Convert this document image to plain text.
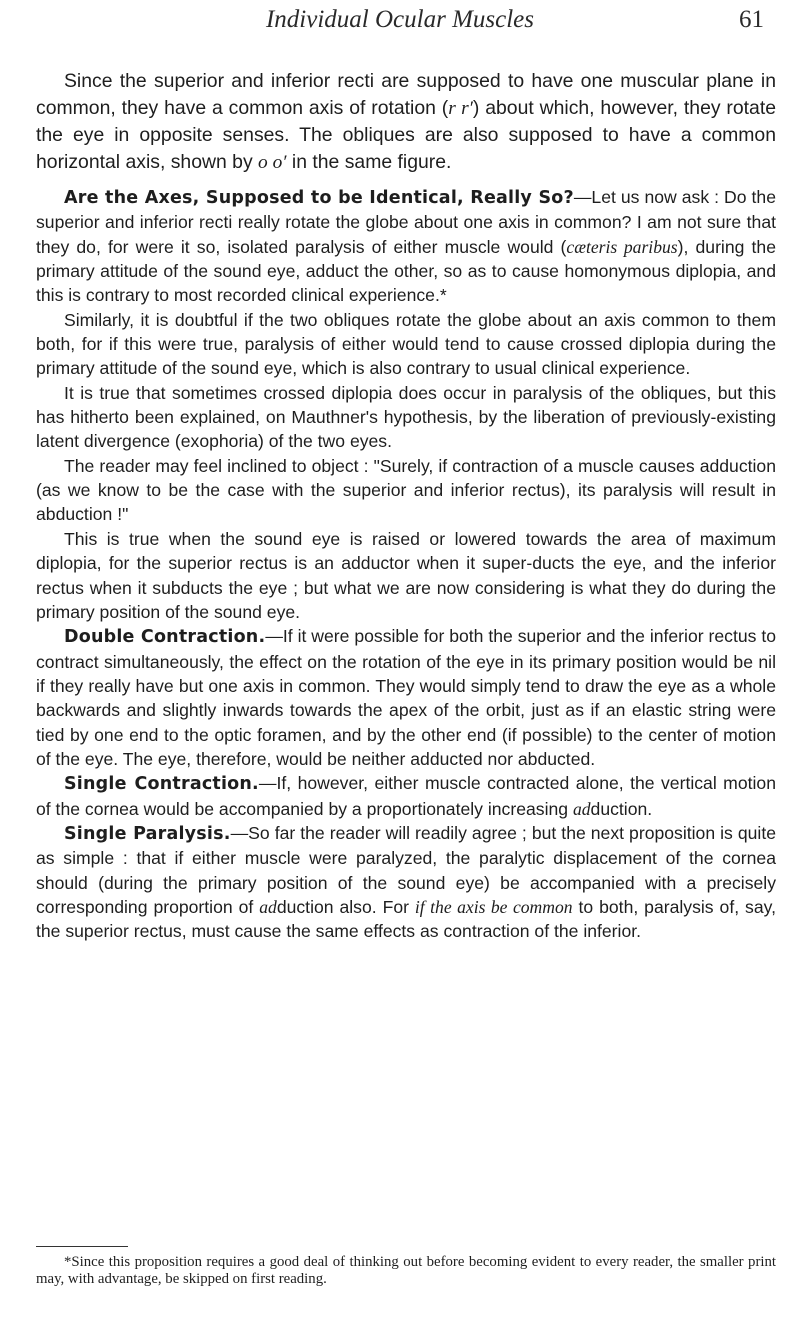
Individual Ocular Muscles	61

Since the superior and inferior recti are supposed to have one muscular plane in common, they have a common axis of rotation (r r′) about which, however, they rotate the eye in opposite senses. The obliques are also supposed to have a common horizontal axis, shown by o o′ in the same figure.

Are the Axes, Supposed to be Identical, Really So?—Let us now ask : Do the superior and inferior recti really rotate the globe about one axis in common? I am not sure that they do, for were it so, isolated paralysis of either muscle would (cæteris paribus), during the primary attitude of the sound eye, adduct the other, so as to cause homonymous diplopia, and this is contrary to most recorded clinical experience.*

Similarly, it is doubtful if the two obliques rotate the globe about an axis common to them both, for if this were true, paralysis of either would tend to cause crossed diplopia during the primary attitude of the sound eye, which is also contrary to usual clinical experience.

It is true that sometimes crossed diplopia does occur in paralysis of the obliques, but this has hitherto been explained, on Mauthner's hypothesis, by the liberation of previously-existing latent divergence (exophoria) of the two eyes.

The reader may feel inclined to object : "Surely, if contraction of a muscle causes adduction (as we know to be the case with the superior and inferior rectus), its paralysis will result in abduction !"

This is true when the sound eye is raised or lowered towards the area of maximum diplopia, for the superior rectus is an adductor when it super-ducts the eye, and the inferior rectus when it subducts the eye ; but what we are now considering is what they do during the primary position of the sound eye.

Double Contraction.—If it were possible for both the superior and the inferior rectus to contract simultaneously, the effect on the rotation of the eye in its primary position would be nil if they really have but one axis in common. They would simply tend to draw the eye as a whole backwards and slightly inwards towards the apex of the orbit, just as if an elastic string were tied by one end to the optic foramen, and by the other end (if possible) to the center of motion of the eye. The eye, therefore, would be neither adducted nor abducted.

Single Contraction.—If, however, either muscle contracted alone, the vertical motion of the cornea would be accompanied by a proportionately increasing adduction.

Single Paralysis.—So far the reader will readily agree ; but the next proposition is quite as simple : that if either muscle were paralyzed, the paralytic displacement of the cornea should (during the primary position of the sound eye) be accompanied with a precisely corresponding proportion of adduction also. For if the axis be common to both, paralysis of, say, the superior rectus, must cause the same effects as contraction of the inferior.

*Since this proposition requires a good deal of thinking out before becoming evident to every reader, the smaller print may, with advantage, be skipped on first reading.
